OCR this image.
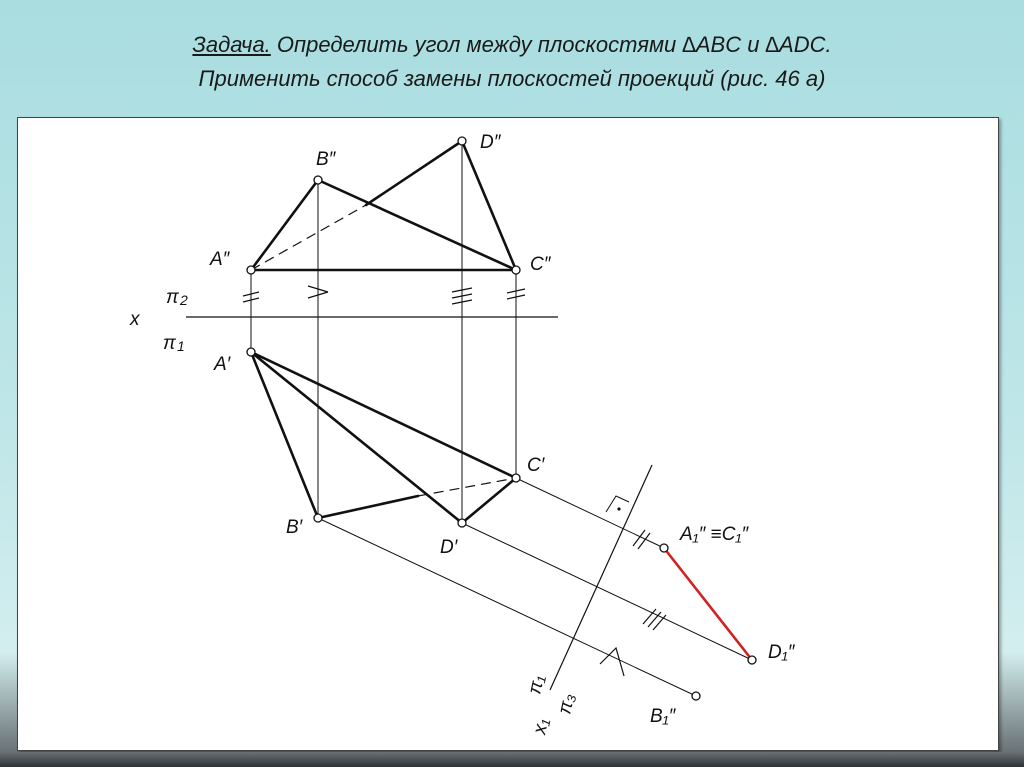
Задача. Определить угол между плоскостями ∆ABC и ∆ADC.
Применить способ замены плоскостей проекций (рис. 46 а)
A″
B″
D″
C″
A′
B′
D′
C′
x
π 2
π 1
A₁″ ≡C₁″
D₁″
B₁″
x₁
π₁
π₃
